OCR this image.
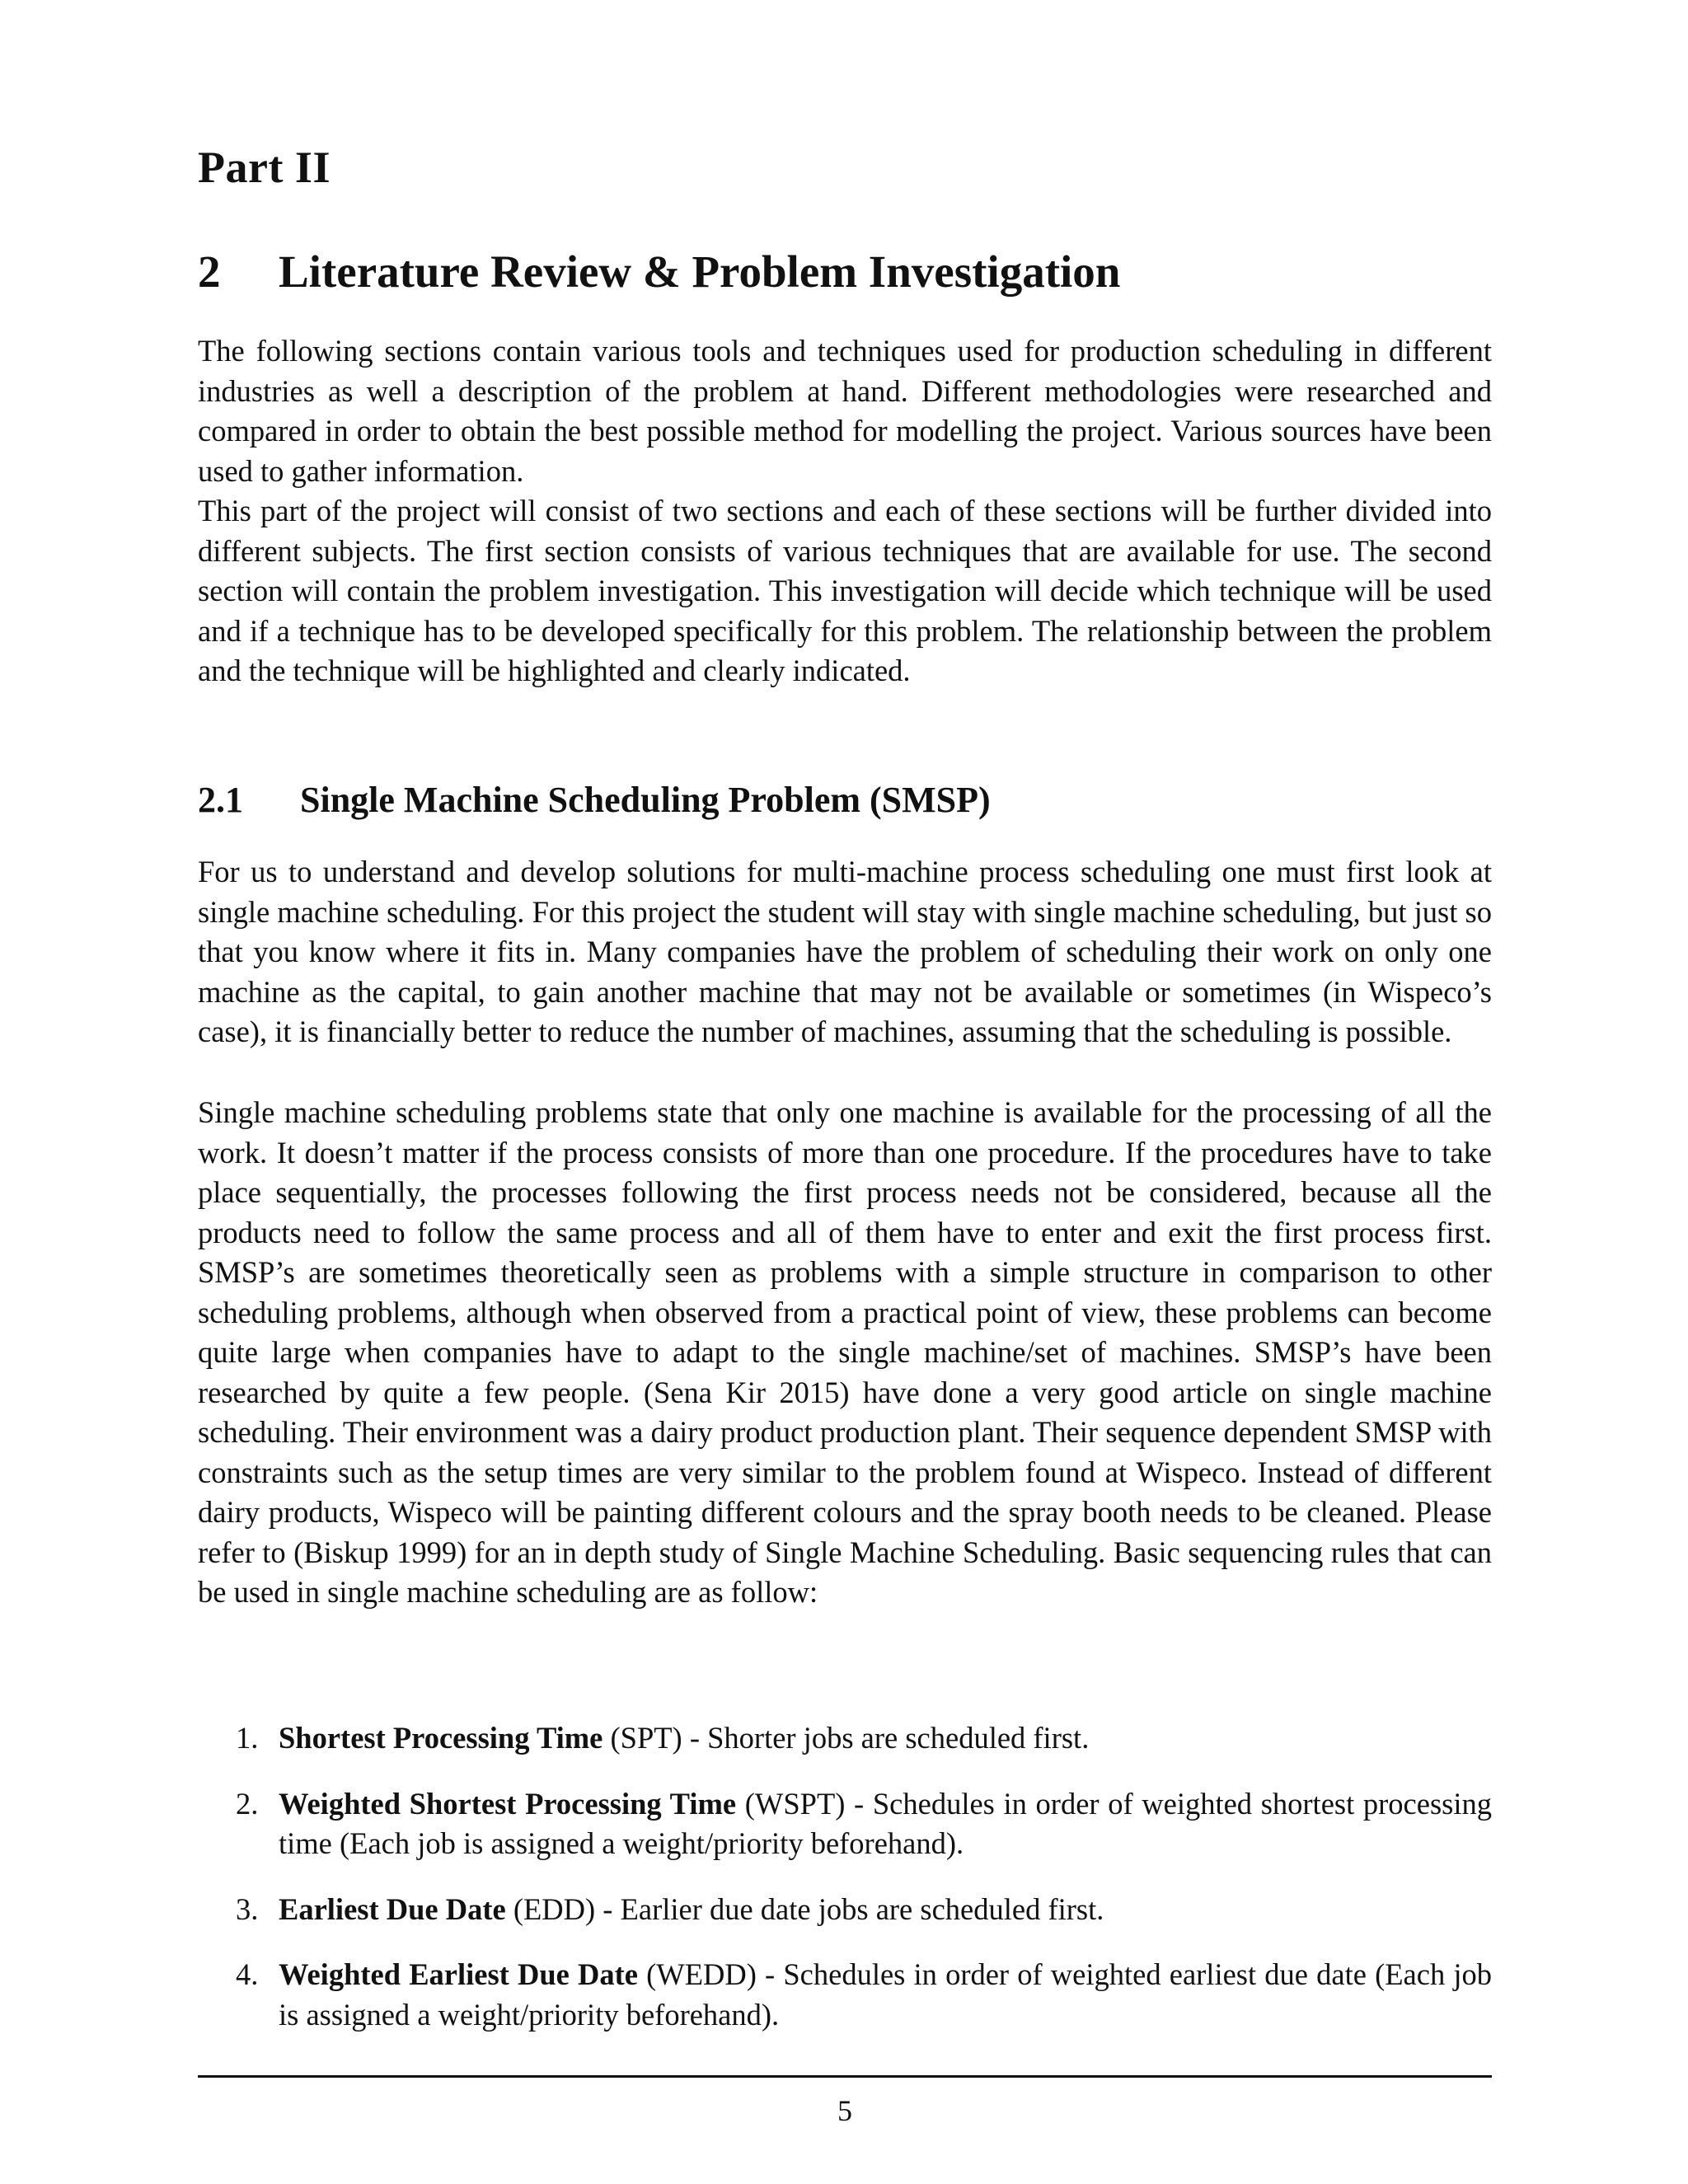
Part II
2 Literature Review & Problem Investigation

The following sections contain various tools and techniques used for production scheduling in different industries as well a description of the problem at hand. Different methodologies were researched and compared in order to obtain the best possible method for modelling the project. Various sources have been used to gather information.

This part of the project will consist of two sections and each of these sections will be further divided into different subjects. The first section consists of various techniques that are available for use. The second section will contain the problem investigation. This investigation will decide which technique will be used and if a technique has to be developed specifically for this problem. The relationship between the problem and the technique will be highlighted and clearly indicated.

2.1 Single Machine Scheduling Problem (SMSP)

For us to understand and develop solutions for multi-machine process scheduling one must first look at single machine scheduling. For this project the student will stay with single machine scheduling, but just so that you know where it fits in. Many companies have the problem of scheduling their work on only one machine as the capital, to gain another machine that may not be available or sometimes (in Wispeco’s case), it is financially better to reduce the number of machines, assuming that the scheduling is possible.

Single machine scheduling problems state that only one machine is available for the processing of all the work. It doesn’t matter if the process consists of more than one procedure. If the procedures have to take place sequentially, the processes following the first process needs not be considered, because all the products need to follow the same process and all of them have to enter and exit the first process first. SMSP’s are sometimes theoretically seen as problems with a simple structure in comparison to other scheduling problems, although when observed from a practical point of view, these problems can become quite large when companies have to adapt to the single machine/set of machines. SMSP’s have been researched by quite a few people. (Sena Kir 2015) have done a very good article on single machine scheduling. Their environment was a dairy product production plant. Their sequence dependent SMSP with constraints such as the setup times are very similar to the problem found at Wispeco. Instead of different dairy products, Wispeco will be painting different colours and the spray booth needs to be cleaned. Please refer to (Biskup 1999) for an in depth study of Single Machine Scheduling. Basic sequencing rules that can be used in single machine scheduling are as follow:

1. Shortest Processing Time (SPT) - Shorter jobs are scheduled first.
2. Weighted Shortest Processing Time (WSPT) - Schedules in order of weighted shortest processing time (Each job is assigned a weight/priority beforehand).
3. Earliest Due Date (EDD) - Earlier due date jobs are scheduled first.
4. Weighted Earliest Due Date (WEDD) - Schedules in order of weighted earliest due date (Each job is assigned a weight/priority beforehand).
5
